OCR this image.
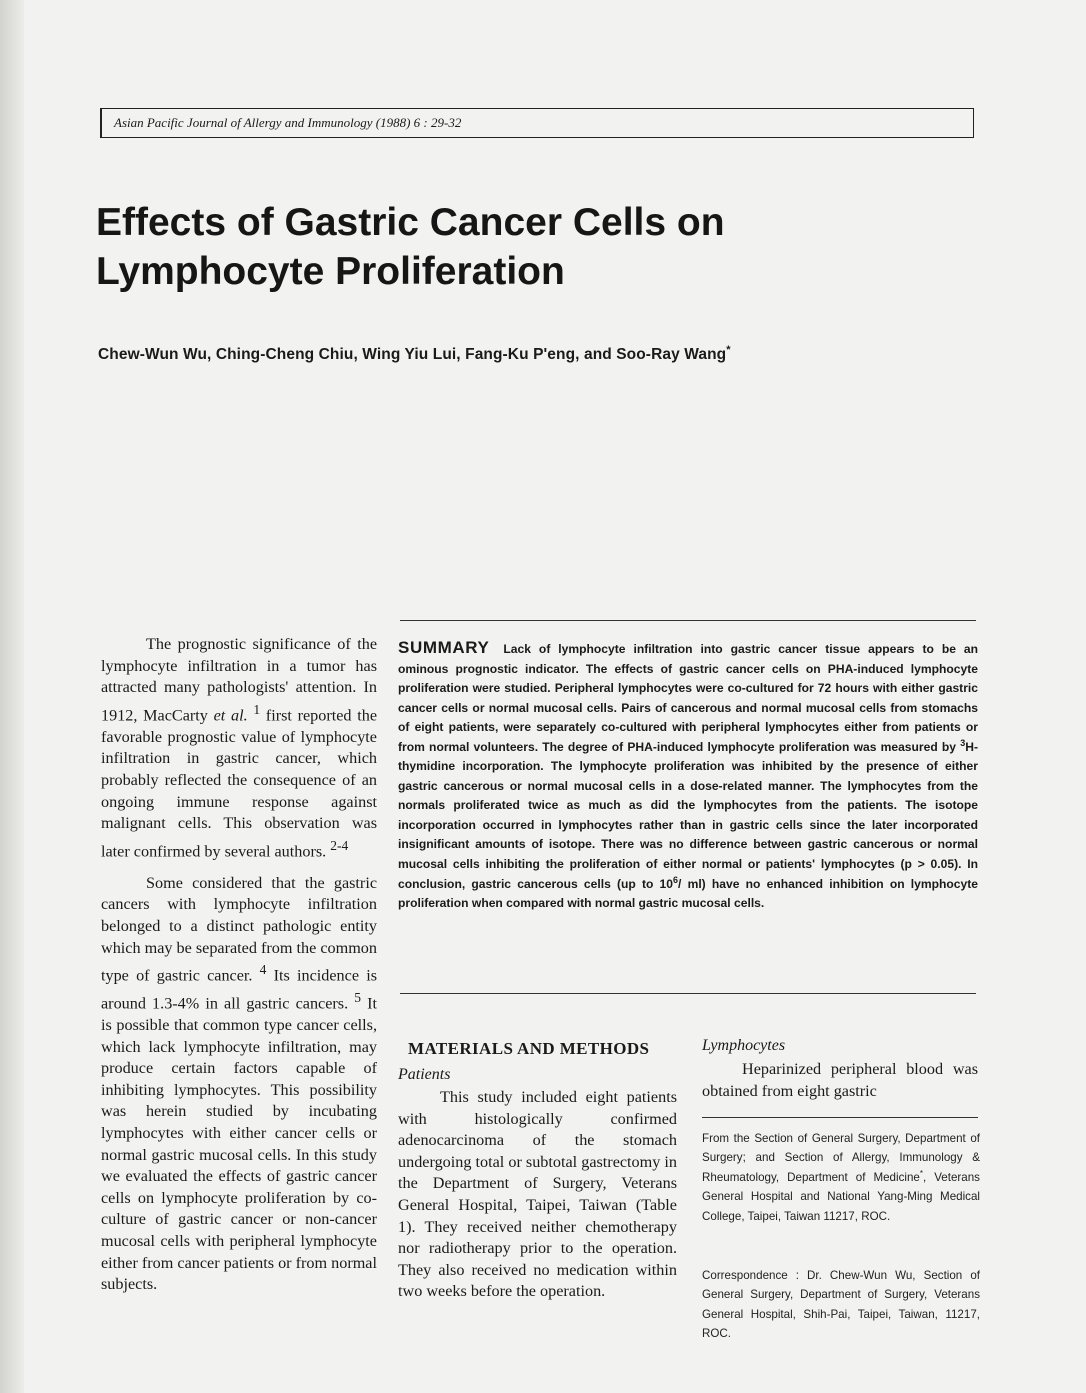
Asian Pacific Journal of Allergy and Immunology (1988) 6 : 29-32
Effects of Gastric Cancer Cells on
Lymphocyte Proliferation
Chew-Wun Wu, Ching-Cheng Chiu, Wing Yiu Lui, Fang-Ku P'eng, and Soo-Ray Wang*

The prognostic significance of the lymphocyte infiltration in a tumor has attracted many pathologists' attention. In 1912, MacCarty et al. $^1$ first reported the favorable prognostic value of lymphocyte infiltration in gastric cancer, which probably reflected the consequence of an ongoing immune response against malignant cells. This observation was later confirmed by several authors. $^{2-4}$

Some considered that the gastric cancers with lymphocyte infiltration belonged to a distinct pathologic entity which may be separated from the common type of gastric cancer. $^4$ Its incidence is around 1.3-4% in all gastric cancers. $^5$ It is possible that common type cancer cells, which lack lymphocyte infiltration, may produce certain factors capable of inhibiting lymphocytes. This possibility was herein studied by incubating lymphocytes with either cancer cells or normal gastric mucosal cells. In this study we evaluated the effects of gastric cancer cells on lymphocyte proliferation by co-culture of gastric cancer or non-cancer mucosal cells with peripheral lymphocyte either from cancer patients or from normal subjects.

SUMMARY Lack of lymphocyte infiltration into gastric cancer tissue appears to be an ominous prognostic indicator. The effects of gastric cancer cells on PHA-induced lymphocyte proliferation were studied. Peripheral lymphocytes were co-cultured for 72 hours with either gastric cancer cells or normal mucosal cells. Pairs of cancerous and normal mucosal cells from stomachs of eight patients, were separately co-cultured with peripheral lymphocytes either from patients or from normal volunteers. The degree of PHA-induced lymphocyte proliferation was measured by $^3$H-thymidine incorporation. The lymphocyte proliferation was inhibited by the presence of either gastric cancerous or normal mucosal cells in a dose-related manner. The lymphocytes from the normals proliferated twice as much as did the lymphocytes from the patients. The isotope incorporation occurred in lymphocytes rather than in gastric cells since the later incorporated insignificant amounts of isotope. There was no difference between gastric cancerous or normal mucosal cells inhibiting the proliferation of either normal or patients' lymphocytes (p > 0.05). In conclusion, gastric cancerous cells (up to $10^6/$ ml) have no enhanced inhibition on lymphocyte proliferation when compared with normal gastric mucosal cells.
MATERIALS AND METHODS
Patients

This study included eight patients with histologically confirmed adenocarcinoma of the stomach undergoing total or subtotal gastrectomy in the Department of Surgery, Veterans General Hospital, Taipei, Taiwan (Table 1). They received neither chemotherapy nor radiotherapy prior to the operation. They also received no medication within two weeks before the operation.

Lymphocytes

Heparinized peripheral blood was obtained from eight gastric

From the Section of General Surgery, Department of Surgery; and Section of Allergy, Immunology & Rheumatology, Department of Medicine*, Veterans General Hospital and National Yang-Ming Medical College, Taipei, Taiwan 11217, ROC.

Correspondence : Dr. Chew-Wun Wu, Section of General Surgery, Department of Surgery, Veterans General Hospital, Shih-Pai, Taipei, Taiwan, 11217, ROC.
